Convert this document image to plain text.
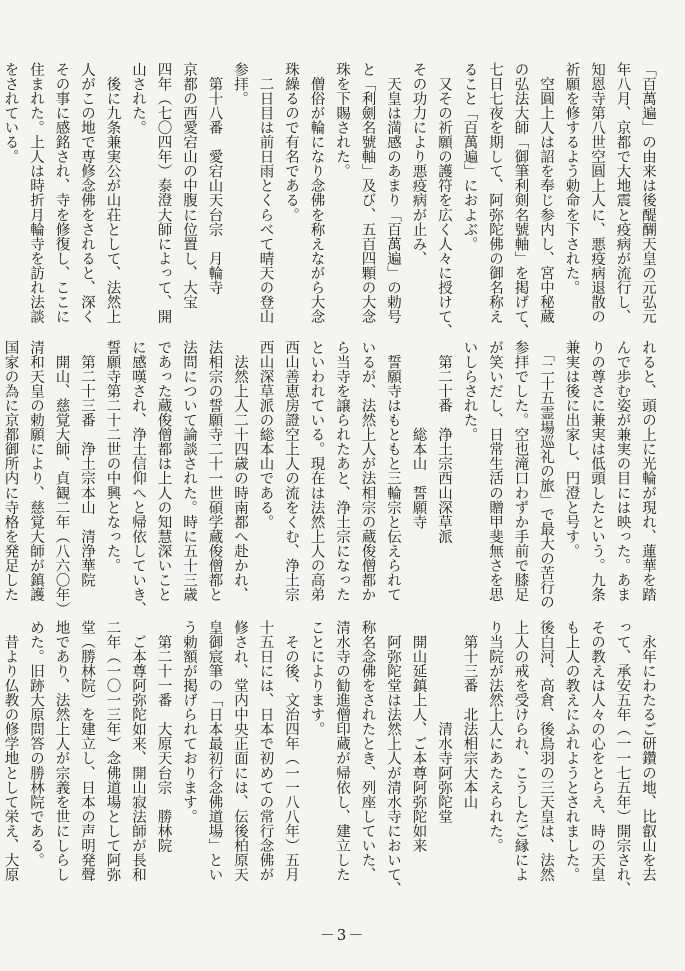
「百萬遍」の由来は後醍醐天皇の元弘元
年八月、京都で大地震と疫病が流行し、
知恩寺第八世空圓上人に、悪疫病退散の
祈願を修するよう勅命を下された。
　空圓上人は詔を奉じ参内し、宮中秘蔵
の弘法大師「御筆利剣名號軸」を掲げて、
七日七夜を期して、阿弥陀佛の御名称え
ること「百萬遍」におよぶ。
　又その祈願の護符を広く人々に授けて、
その功力により悪疫病が止み、
　天皇は満感のあまり「百萬遍」の勅号
と「利劍名號軸」及び、五百四顆の大念
珠を下賜された。
　僧俗が輪になり念佛を称えながら大念
珠繰るので有名である。
　二日目は前日雨とくらべて晴天の登山
参拝。
　第十八番　愛宕山天台宗　月輪寺
京都の西愛宕山の中腹に位置し、大宝
四年（七〇四年）泰澄大師によって、開
山された。
　後に九条兼実公が山荘として、法然上
人がこの地で専修念佛をされると、深く
その事に感銘され、寺を修復し、ここに
住まれた。上人は時折月輪寺を訪れ法談
をされている。
れると、頭の上に光輪が現れ、蓮華を踏
んで歩む姿が兼実の目には映った。あま
りの尊さに兼実は低頭したという。九条
兼実は後に出家し、円澄と号す。
　「二十五霊場巡礼の旅」で最大の苦行の
参拝でした。空也滝口わずか手前で膝足
が笑いだし、日常生活の贈甲斐無さを思
いしらされた。
　第二十番　浄土宗西山深草派
　　　　　　総本山　誓願寺
　誓願寺はもともと三輪宗と伝えられて
いるが、法然上人が法相宗の蔵俊僧都か
ら当寺を譲られたあと、浄土宗になった
といわれている。現在は法然上人の高弟
西山善恵房證空上人の流をくむ、浄土宗
西山深草派の総本山である。
　法然上人二十四歳の時南都へ赴かれ、
法相宗の誓願寺二十一世碩学蔵俊僧都と
法問について論談された。時に五十三歳
であった蔵俊僧都は上人の知慧深いこと
に感嘆され、浄土信仰へと帰依していき、
誓願寺第二十二世の中興となった。
　第二十三番　浄土宗本山　清浄華院
　開山、慈覚大師、貞観二年（八六〇年）
清和天皇の勅願により、慈覚大師が鎮護
国家の為に京都御所内に寺格を発足した
　永年にわたるご研鑽の地、比叡山を去
って、承安五年（一一七五年）開宗され、
その教えは人々の心をとらえ、時の天皇
も上人の教えにふれようとされました。
後白河、高倉、後鳥羽の三天皇は、法然
上人の戒を受けられ、こうしたご縁によ
り当院が法然上人にあたえられた。
　第十三番　北法相宗大本山
　　　　　　　清水寺阿弥陀堂
　開山延鎮上人、ご本尊阿弥陀如来
　阿弥陀堂は法然上人が清水寺において、
称名念佛をされたとき、列座していた、
清水寺の勧進僧印蔵が帰依し、建立した
ことによります。
　その後、文治四年（一一八八年）五月
十五日には、日本で初めての常行念佛が
修され、堂内中央正面には、伝後柏原天
皇御宸筆の「日本最初行念佛道場」とい
う勅額が掲げられております。
　第二十一番　大原天台宗　勝林院
　ご本尊阿弥陀如来、開山寂法師が長和
二年（一〇一三年）念佛道場として阿弥
堂（勝林院）を建立し、日本の声明発聲
地であり、法然上人が宗義を世にしらし
めた。旧跡大原問答の勝林院である。
　昔より仏教の修学地として栄え、大原
－3－
